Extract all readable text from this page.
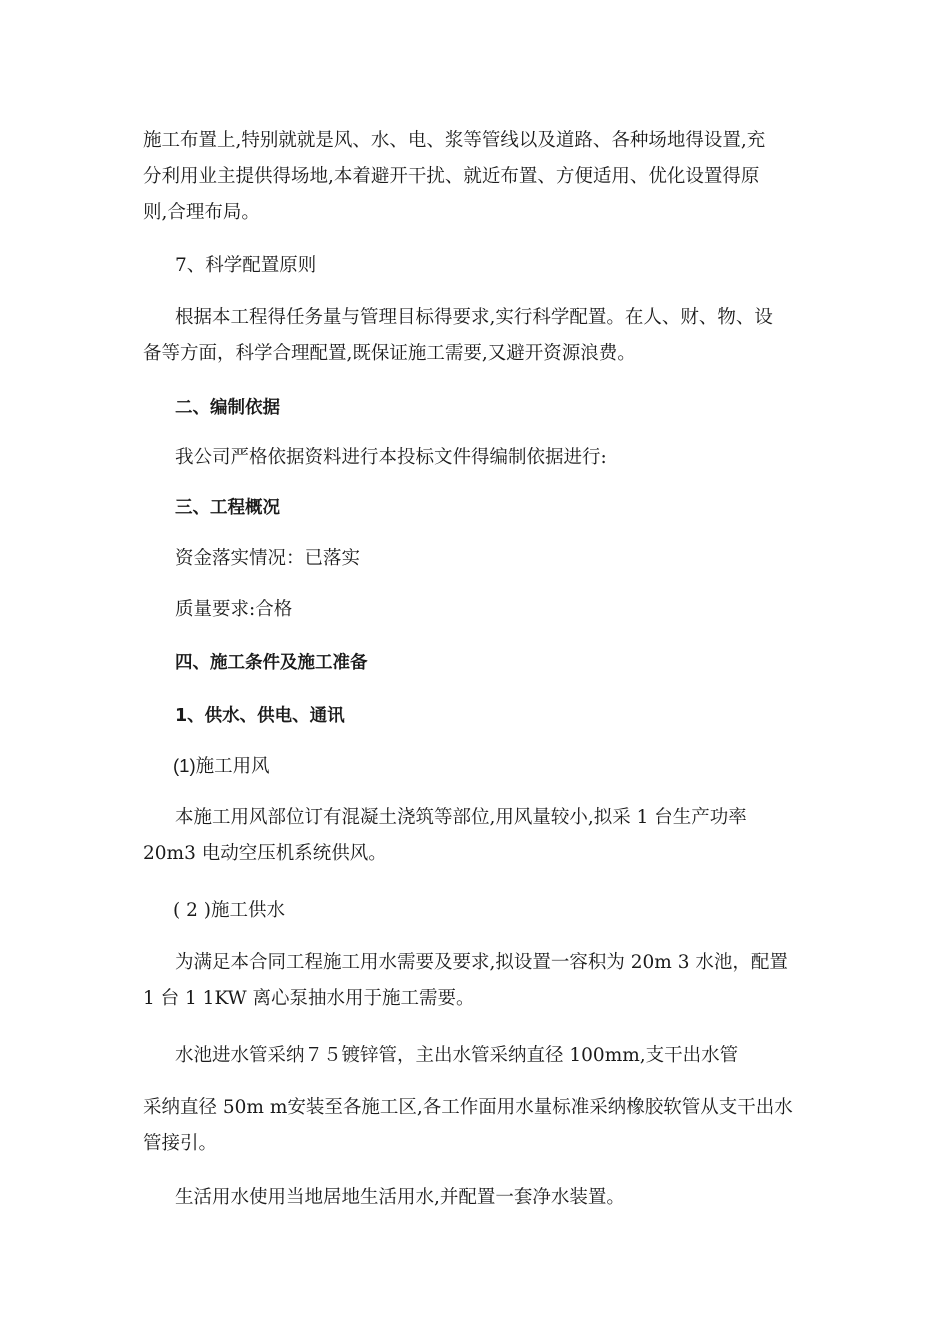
施工布置上,特别就就是风、水、电、浆等管线以及道路、各种场地得设置,充
分利用业主提供得场地,本着避开干扰、就近布置、方便适用、优化设置得原
则,合理布局。
7、科学配置原则
根据本工程得任务量与管理目标得要求,实行科学配置。在人、财、物、设
备等方面，科学合理配置,既保证施工需要,又避开资源浪费。
二、编制依据
我公司严格依据资料进行本投标文件得编制依据进行:
三、工程概况
资金落实情况：已落实
质量要求:合格
四、施工条件及施工准备
1、供水、供电、通讯
(1)施工用风
本施工用风部位订有混凝土浇筑等部位,用风量较小,拟采 1 台生产功率
20m3 电动空压机系统供风。
( 2 )施工供水
为满足本合同工程施工用水需要及要求,拟设置一容积为 20m 3 水池，配置
1 台 1 1KW 离心泵抽水用于施工需要。
水池进水管采纳７５镀锌管，主出水管采纳直径 100mm,支干出水管
采纳直径 50m m安装至各施工区,各工作面用水量标准采纳橡胶软管从支干出水
管接引。
生活用水使用当地居地生活用水,并配置一套净水装置。
